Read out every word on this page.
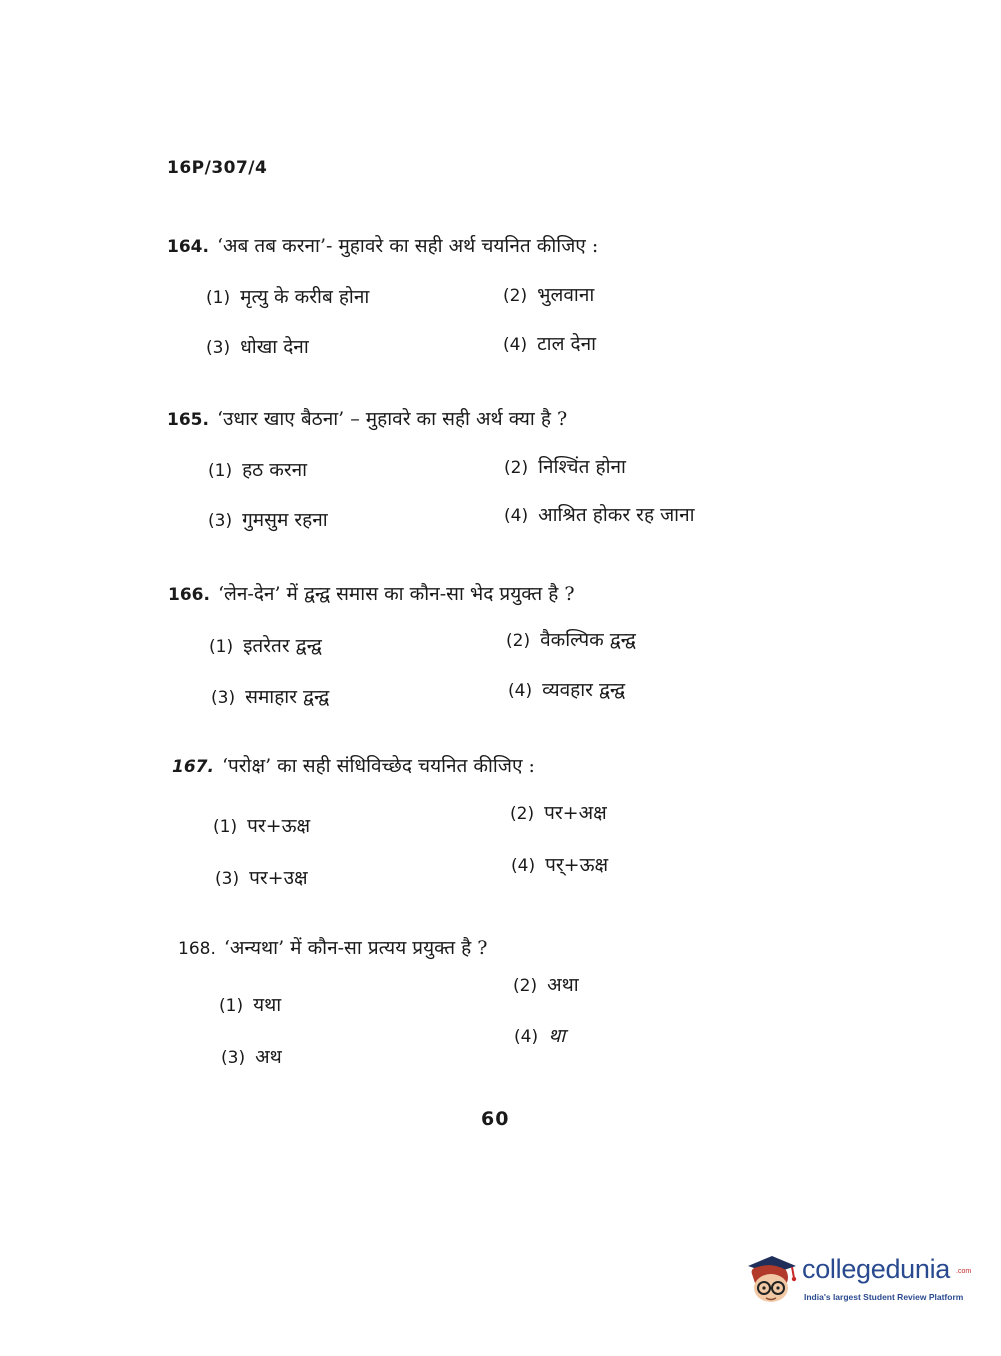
16P/307/4
164. ‘अब तब करना’- मुहावरे का सही अर्थ चयनित कीजिए :
(1) मृत्यु के करीब होना	(2) भुलवाना
(3) धोखा देना	(4) टाल देना
165. ‘उधार खाए बैठना’ – मुहावरे का सही अर्थ क्या है ?
(1) हठ करना	(2) निश्चिंत होना
(3) गुमसुम रहना	(4) आश्रित होकर रह जाना
166. ‘लेन-देन’ में द्वन्द्व समास का कौन-सा भेद प्रयुक्त है ?
(1) इतरेतर द्वन्द्व	(2) वैकल्पिक द्वन्द्व
(3) समाहार द्वन्द्व	(4) व्यवहार द्वन्द्व
167. ‘परोक्ष’ का सही संधिविच्छेद चयनित कीजिए :
(1) पर+ऊक्ष
(2) पर+अक्ष
(3) पर+उक्ष
(4) पर्+ऊक्ष
168. ‘अन्यथा’ में कौन-सा प्रत्यय प्रयुक्त है ?
(1) यथा
(2) अथा
(3) अथ
(4) था
60
collegedunia .com
India's largest Student Review Platform
